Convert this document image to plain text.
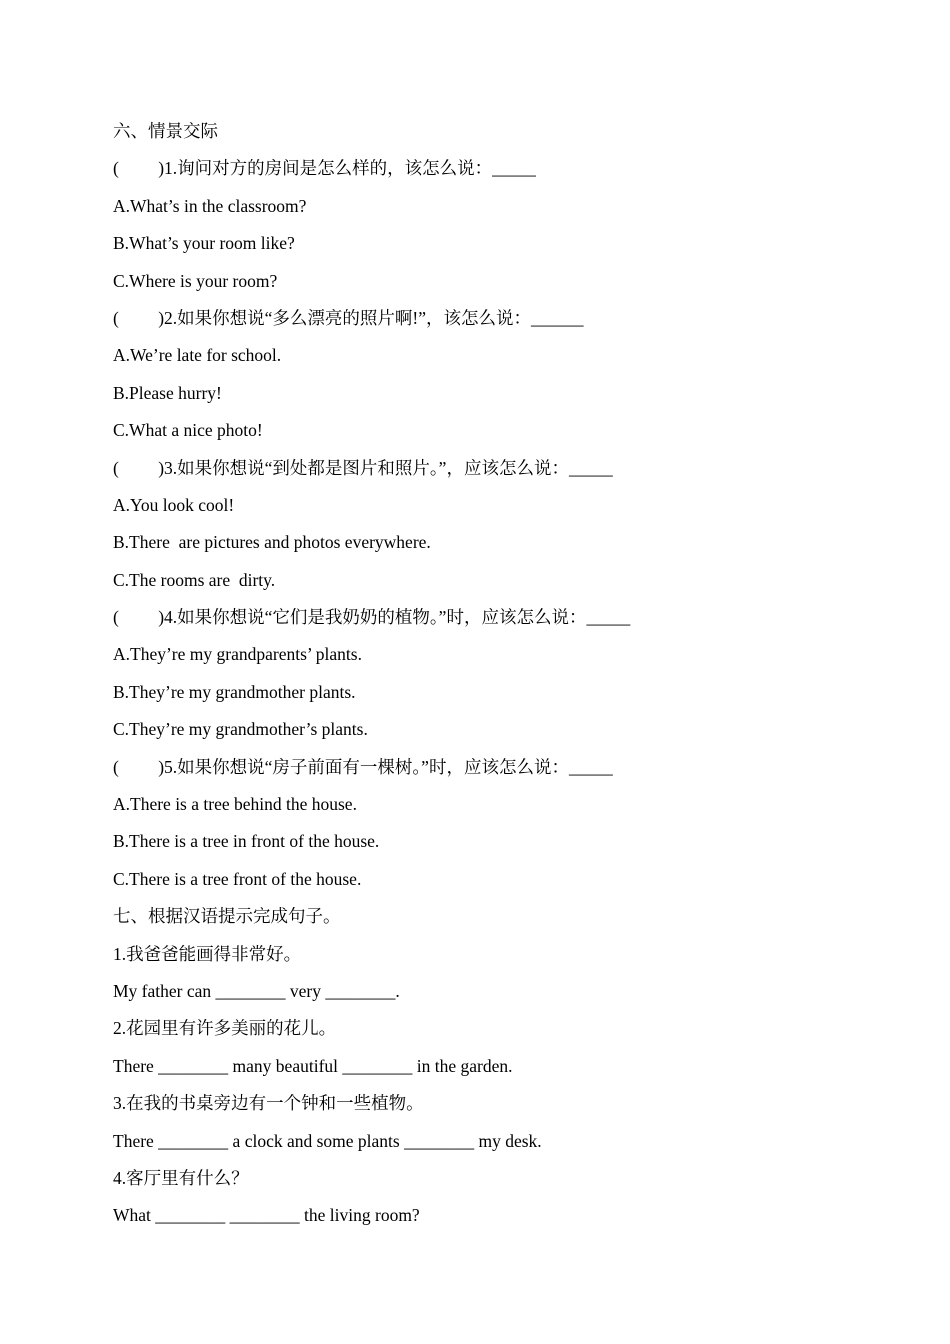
六、情景交际
(         )1.询问对方的房间是怎么样的，该怎么说：_____
A.What’s in the classroom?
B.What’s your room like?
C.Where is your room?
(         )2.如果你想说“多么漂亮的照片啊!”，该怎么说：______
A.We’re late for school.
B.Please hurry!
C.What a nice photo!
(         )3.如果你想说“到处都是图片和照片。”，应该怎么说：_____
A.You look cool!
B.There  are pictures and photos everywhere.
C.The rooms are  dirty.
(         )4.如果你想说“它们是我奶奶的植物。”时，应该怎么说：_____
A.They’re my grandparents’ plants.
B.They’re my grandmother plants.
C.They’re my grandmother’s plants.
(         )5.如果你想说“房子前面有一棵树。”时，应该怎么说：_____
A.There is a tree behind the house.
B.There is a tree in front of the house.
C.There is a tree front of the house.
七、根据汉语提示完成句子。
1.我爸爸能画得非常好。
My father can ________ very ________.
2.花园里有许多美丽的花儿。
There ________ many beautiful ________ in the garden.
3.在我的书桌旁边有一个钟和一些植物。
There ________ a clock and some plants ________ my desk.
4.客厅里有什么？
What ________ ________ the living room?
